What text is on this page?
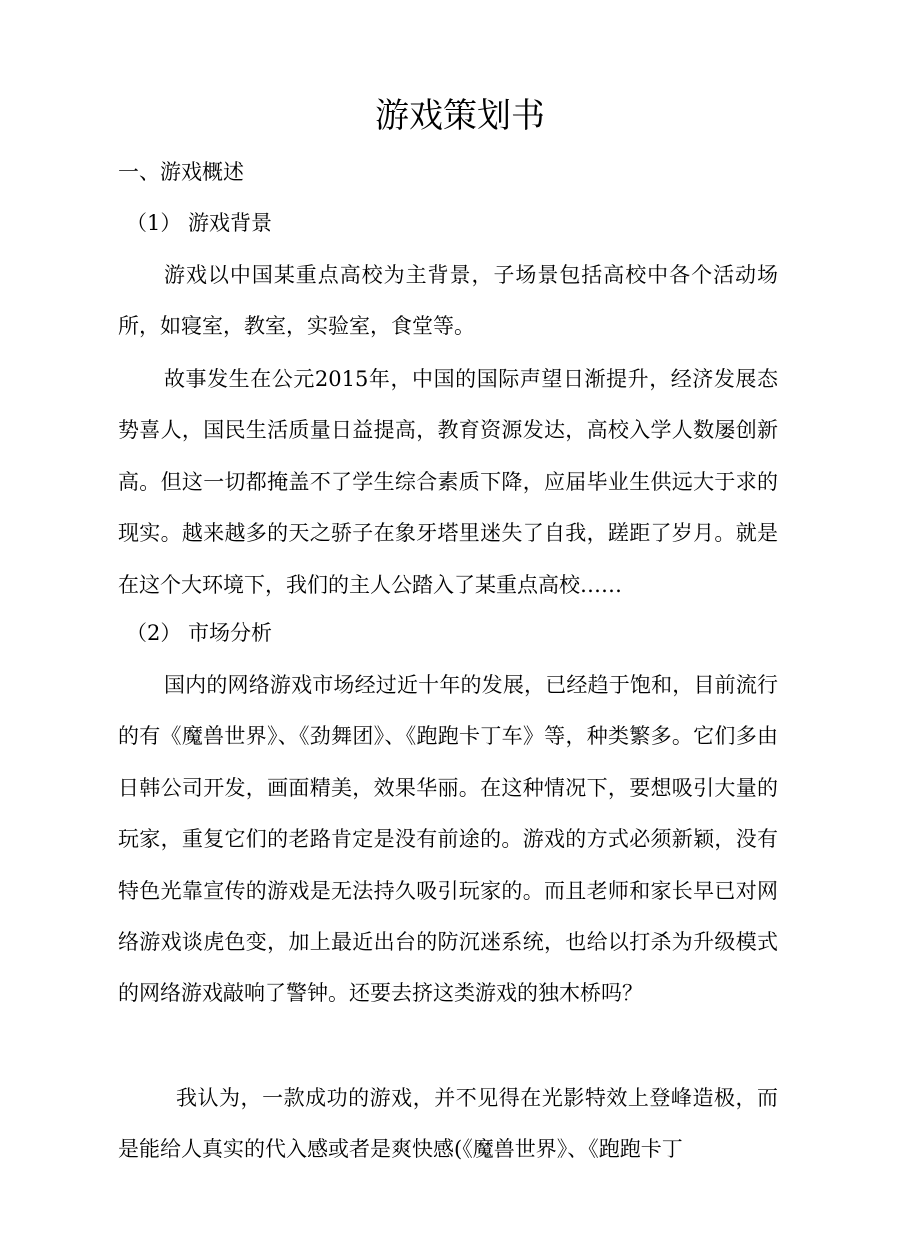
游戏策划书
一、游戏概述
（1） 游戏背景

游戏以中国某重点高校为主背景，子场景包括高校中各个活动场所，如寝室，教室，实验室，食堂等。

故事发生在公元2015年，中国的国际声望日渐提升，经济发展态势喜人，国民生活质量日益提高，教育资源发达，高校入学人数屡创新高。但这一切都掩盖不了学生综合素质下降，应届毕业生供远大于求的现实。越来越多的天之骄子在象牙塔里迷失了自我，蹉距了岁月。就是在这个大环境下，我们的主人公踏入了某重点高校……

（2） 市场分析

国内的网络游戏市场经过近十年的发展，已经趋于饱和，目前流行的有《魔兽世界》、《劲舞团》、《跑跑卡丁车》等，种类繁多。它们多由日韩公司开发，画面精美，效果华丽。在这种情况下，要想吸引大量的玩家，重复它们的老路肯定是没有前途的。游戏的方式必须新颖，没有特色光靠宣传的游戏是无法持久吸引玩家的。而且老师和家长早已对网络游戏谈虎色变，加上最近出台的防沉迷系统，也给以打杀为升级模式的网络游戏敲响了警钟。还要去挤这类游戏的独木桥吗？

我认为，一款成功的游戏，并不见得在光影特效上登峰造极，而是能给人真实的代入感或者是爽快感(《魔兽世界》、《跑跑卡丁
